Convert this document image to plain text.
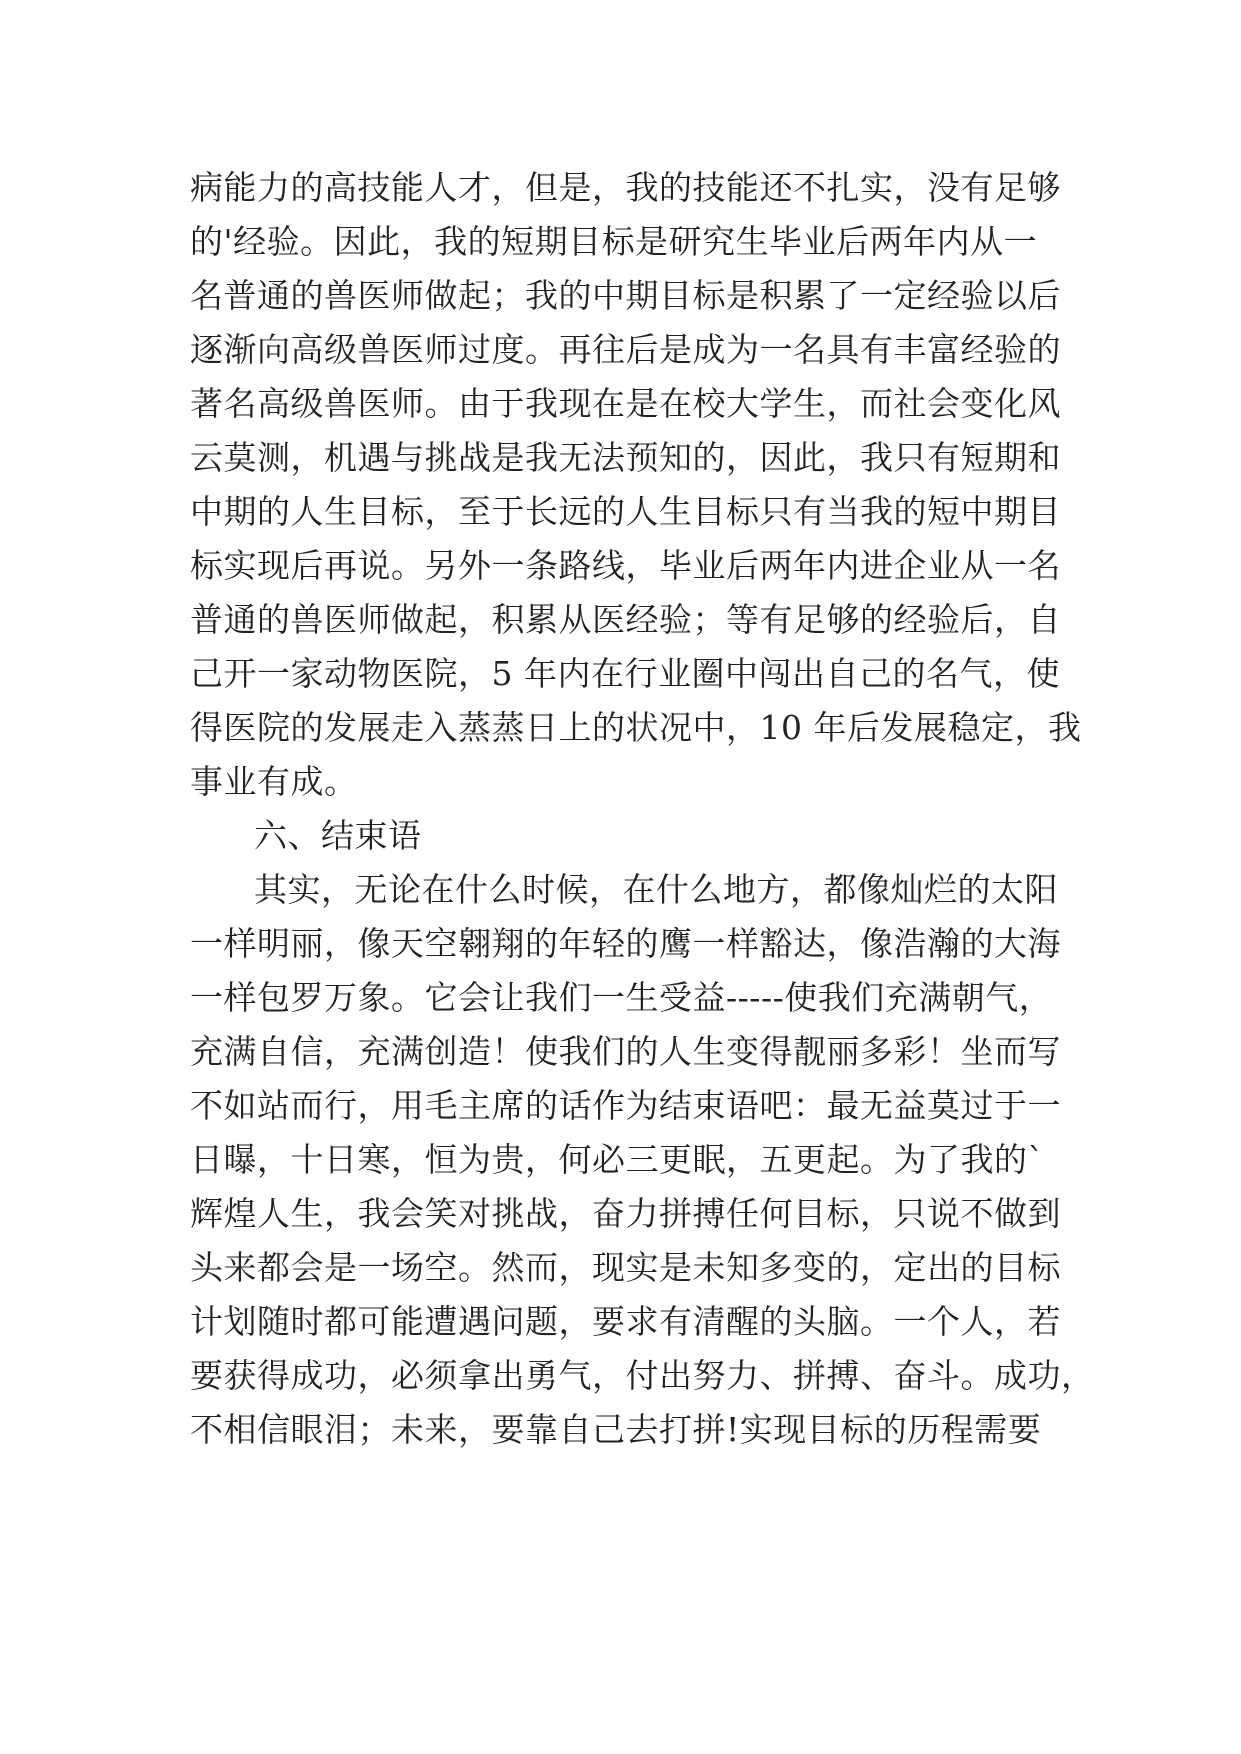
病能力的高技能人才，但是，我的技能还不扎实，没有足够
的'经验。因此，我的短期目标是研究生毕业后两年内从一
名普通的兽医师做起；我的中期目标是积累了一定经验以后
逐渐向高级兽医师过度。再往后是成为一名具有丰富经验的
著名高级兽医师。由于我现在是在校大学生，而社会变化风
云莫测，机遇与挑战是我无法预知的，因此，我只有短期和
中期的人生目标，至于长远的人生目标只有当我的短中期目
标实现后再说。另外一条路线，毕业后两年内进企业从一名
普通的兽医师做起，积累从医经验；等有足够的经验后，自
己开一家动物医院，5 年内在行业圈中闯出自己的名气，使
得医院的发展走入蒸蒸日上的状况中，10 年后发展稳定，我
事业有成。
六、结束语
其实，无论在什么时候，在什么地方，都像灿烂的太阳
一样明丽，像天空翱翔的年轻的鹰一样豁达，像浩瀚的大海
一样包罗万象。它会让我们一生受益-----使我们充满朝气，
充满自信，充满创造！使我们的人生变得靓丽多彩！坐而写
不如站而行，用毛主席的话作为结束语吧：最无益莫过于一
日曝，十日寒，恒为贵，何必三更眠，五更起。为了我的`
辉煌人生，我会笑对挑战，奋力拼搏任何目标，只说不做到
头来都会是一场空。然而，现实是未知多变的，定出的目标
计划随时都可能遭遇问题，要求有清醒的头脑。一个人，若
要获得成功，必须拿出勇气，付出努力、拼搏、奋斗。成功，
不相信眼泪；未来，要靠自己去打拼!实现目标的历程需要
